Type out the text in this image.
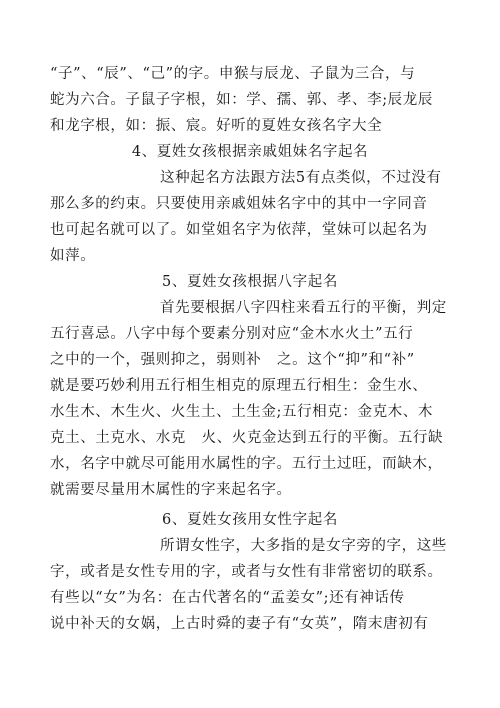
“子”、“辰”、“己”的字。申猴与辰龙、子鼠为三合，与
蛇为六合。子鼠子字根，如：学、孺、郭、孝、李;辰龙辰
和龙字根，如：振、宸。好听的夏姓女孩名字大全
4、夏姓女孩根据亲戚姐妹名字起名
这种起名方法跟方法5有点类似，不过没有
那么多的约束。只要使用亲戚姐妹名字中的其中一字同音
也可起名就可以了。如堂姐名字为依萍，堂妹可以起名为
如萍。
5、夏姓女孩根据八字起名
首先要根据八字四柱来看五行的平衡，判定
五行喜忌。八字中每个要素分别对应“金木水火土”五行
之中的一个，强则抑之，弱则补   之。这个“抑”和“补”
就是要巧妙利用五行相生相克的原理五行相生：金生水、
水生木、木生火、火生土、土生金;五行相克：金克木、木
克土、土克水、水克   火、火克金达到五行的平衡。五行缺
水，名字中就尽可能用水属性的字。五行土过旺，而缺木，
就需要尽量用木属性的字来起名字。
6、夏姓女孩用女性字起名
所谓女性字，大多指的是女字旁的字，这些
字，或者是女性专用的字，或者与女性有非常密切的联系。
有些以“女”为名：在古代著名的“孟姜女”;还有神话传
说中补天的女娲，上古时舜的妻子有“女英”，隋末唐初有
